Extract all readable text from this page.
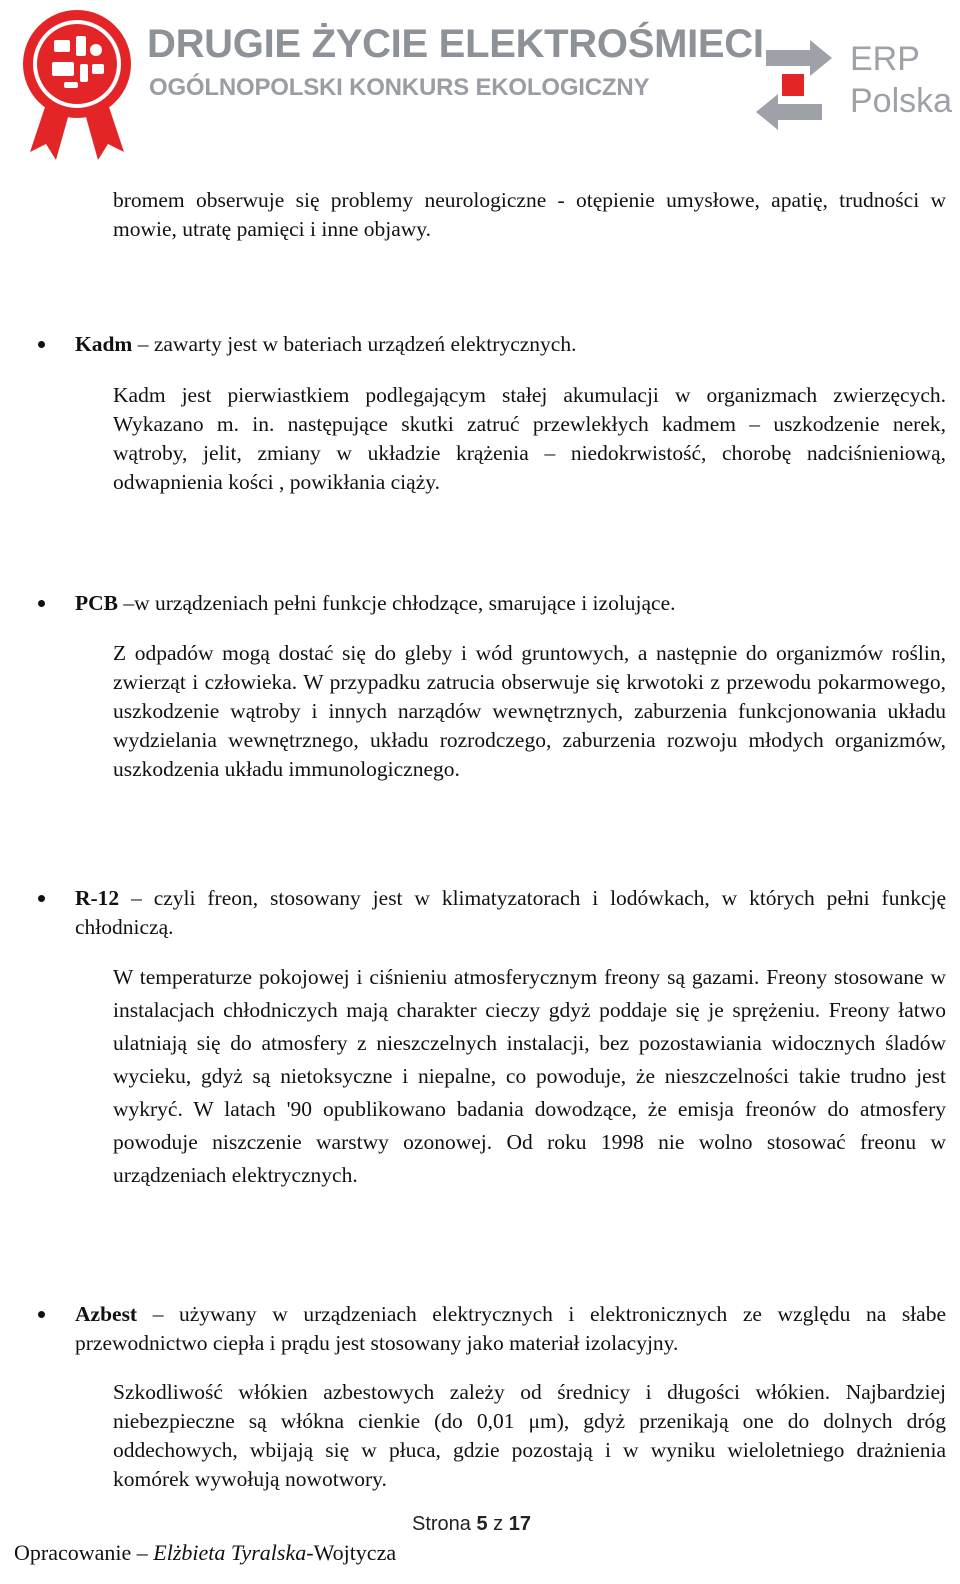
DRUGIE ŻYCIE ELEKTROŚMIECI
OGÓLNOPOLSKI KONKURS EKOLOGICZNY
ERP
Polska

bromem obserwuje się problemy neurologiczne - otępienie umysłowe, apatię, trudności w mowie, utratę pamięci i inne objawy.

Kadm – zawarty jest w bateriach urządzeń elektrycznych.

Kadm jest pierwiastkiem podlegającym stałej akumulacji w organizmach zwierzęcych. Wykazano m. in. następujące skutki zatruć przewlekłych kadmem – uszkodzenie nerek, wątroby, jelit, zmiany w układzie krążenia – niedokrwistość, chorobę nadciśnieniową, odwapnienia kości , powikłania ciąży.

PCB –w urządzeniach pełni funkcje chłodzące, smarujące i izolujące.

Z odpadów mogą dostać się do gleby i wód gruntowych, a następnie do organizmów roślin, zwierząt i człowieka. W przypadku zatrucia obserwuje się krwotoki z przewodu pokarmowego, uszkodzenie wątroby i innych narządów wewnętrznych, zaburzenia funkcjonowania układu wydzielania wewnętrznego, układu rozrodczego, zaburzenia rozwoju młodych organizmów, uszkodzenia układu immunologicznego.

R-12 – czyli freon, stosowany jest w klimatyzatorach i lodówkach, w których pełni funkcję chłodniczą.

W temperaturze pokojowej i ciśnieniu atmosferycznym freony są gazami. Freony stosowane w instalacjach chłodniczych mają charakter cieczy gdyż poddaje się je sprężeniu. Freony łatwo ulatniają się do atmosfery z nieszczelnych instalacji, bez pozostawiania widocznych śladów wycieku, gdyż są nietoksyczne i niepalne, co powoduje, że nieszczelności takie trudno jest wykryć. W latach '90 opublikowano badania dowodzące, że emisja freonów do atmosfery powoduje niszczenie warstwy ozonowej. Od roku 1998 nie wolno stosować freonu w urządzeniach elektrycznych.

Azbest – używany w urządzeniach elektrycznych i elektronicznych ze względu na słabe przewodnictwo ciepła i prądu jest stosowany jako materiał izolacyjny.

Szkodliwość włókien azbestowych zależy od średnicy i długości włókien. Najbardziej niebezpieczne są włókna cienkie (do 0,01 μm), gdyż przenikają one do dolnych dróg oddechowych, wbijają się w płuca, gdzie pozostają i w wyniku wieloletniego drażnienia komórek wywołują nowotwory.

Strona 5 z 17
Opracowanie – Elżbieta Tyralska-Wojtycza
